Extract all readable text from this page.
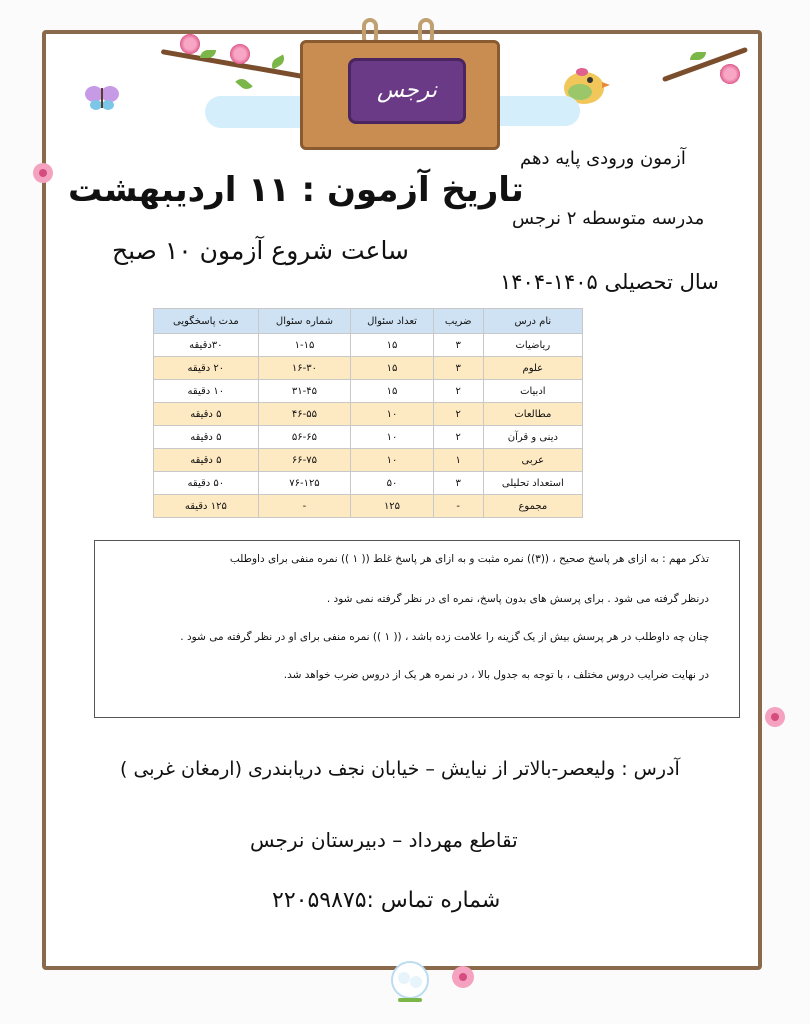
نرجس
آزمون ورودی پایه دهم
تاریخ آزمون : ۱۱ اردیبهشت
مدرسه متوسطه ۲ نرجس
ساعت شروع آزمون ۱۰ صبح
سال تحصیلی ۱۴۰۵-۱۴۰۴
نام درس	ضریب	تعداد سئوال	شماره سئوال	مدت پاسخگویی
ریاضیات	۳	۱۵	۱-۱۵	۳۰دقیقه
علوم	۳	۱۵	۱۶-۳۰	۲۰ دقیقه
ادبیات	۲	۱۵	۳۱-۴۵	۱۰ دقیقه
مطالعات	۲	۱۰	۴۶-۵۵	۵ دقیقه
دینی و قرآن	۲	۱۰	۵۶-۶۵	۵ دقیقه
عربی	۱	۱۰	۶۶-۷۵	۵ دقیقه
استعداد تحلیلی	۳	۵۰	۷۶-۱۲۵	۵۰ دقیقه
مجموع	-	۱۲۵	-	۱۲۵ دقیقه

تذکر مهم : به ازای هر پاسخ صحیح ، ((۳)) نمره مثبت و به ازای هر پاسخ غلط (( ۱ )) نمره منفی برای داوطلب

درنظر گرفته می شود . برای پرسش های بدون پاسخ، نمره ای در نظر گرفته نمی شود .

چنان چه داوطلب در هر پرسش بیش از یک گزینه را علامت زده باشد ، (( ۱ )) نمره منفی برای او در نظر گرفته می شود .

در نهایت ضرایب دروس مختلف ، با توجه به جدول بالا ، در نمره هر یک از دروس ضرب خواهد شد.

آدرس : ولیعصر-بالاتر از نیایش – خیابان نجف دریابندری (ارمغان غربی )
تقاطع مهرداد – دبیرستان نرجس
شماره تماس :۲۲۰۵۹۸۷۵
